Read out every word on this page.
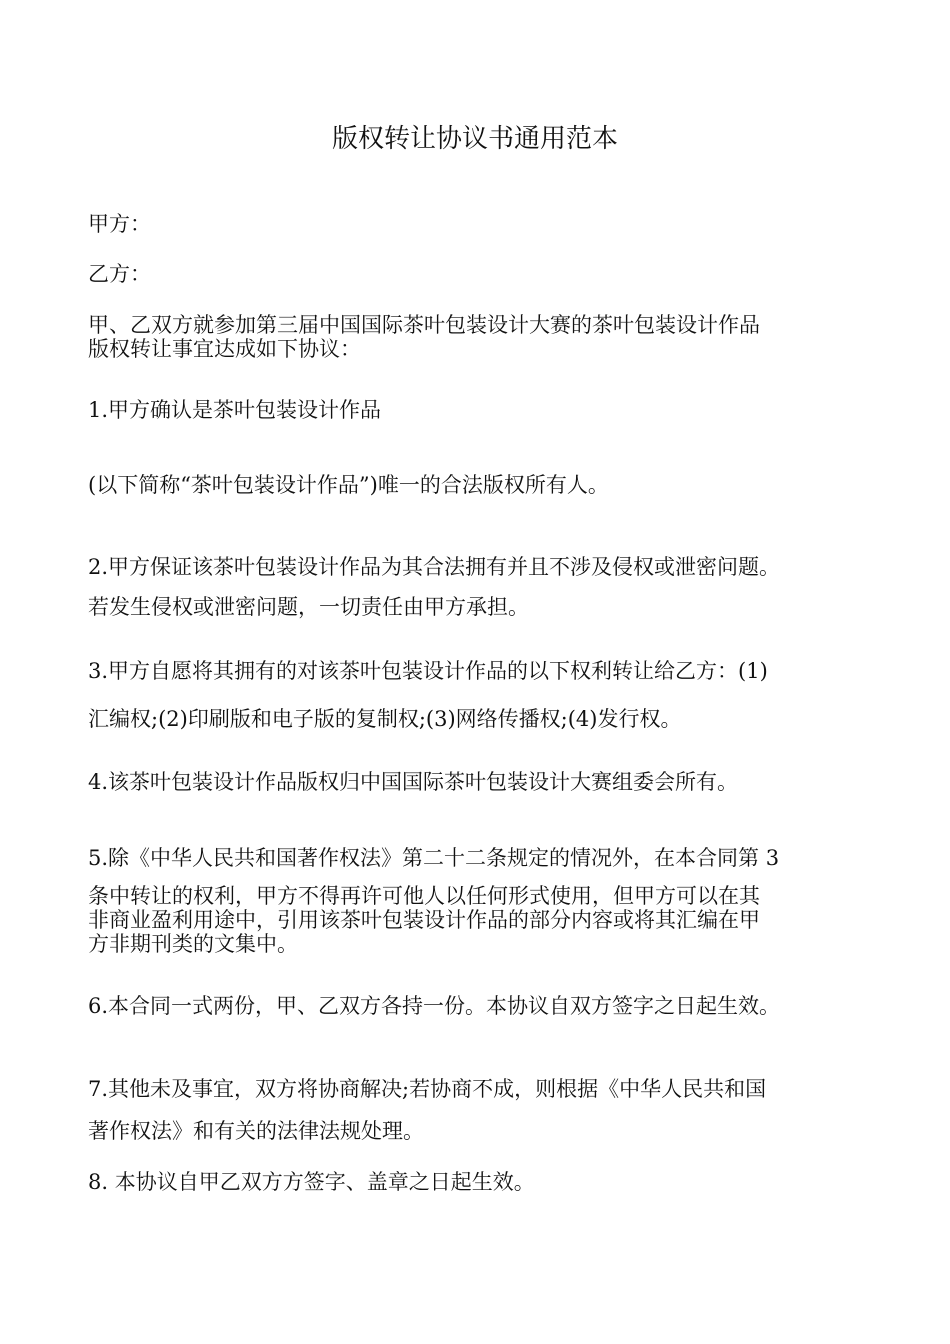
版权转让协议书通用范本

甲方：

乙方：

甲、乙双方就参加第三届中国国际茶叶包装设计大赛的茶叶包装设计作品
版权转让事宜达成如下协议：

1.甲方确认是茶叶包装设计作品

(以下简称“茶叶包装设计作品”)唯一的合法版权所有人。

2.甲方保证该茶叶包装设计作品为其合法拥有并且不涉及侵权或泄密问题。
若发生侵权或泄密问题，一切责任由甲方承担。
3.甲方自愿将其拥有的对该茶叶包装设计作品的以下权利转让给乙方：(1)
汇编权;(2)印刷版和电子版的复制权;(3)网络传播权;(4)发行权。

4.该茶叶包装设计作品版权归中国国际茶叶包装设计大赛组委会所有。

5.除《中华人民共和国著作权法》第二十二条规定的情况外，在本合同第 3
条中转让的权利，甲方不得再许可他人以任何形式使用，但甲方可以在其
非商业盈利用途中，引用该茶叶包装设计作品的部分内容或将其汇编在甲
方非期刊类的文集中。

6.本合同一式两份，甲、乙双方各持一份。本协议自双方签字之日起生效。

7.其他未及事宜，双方将协商解决;若协商不成，则根据《中华人民共和国
著作权法》和有关的法律法规处理。

8. 本协议自甲乙双方方签字、盖章之日起生效。
